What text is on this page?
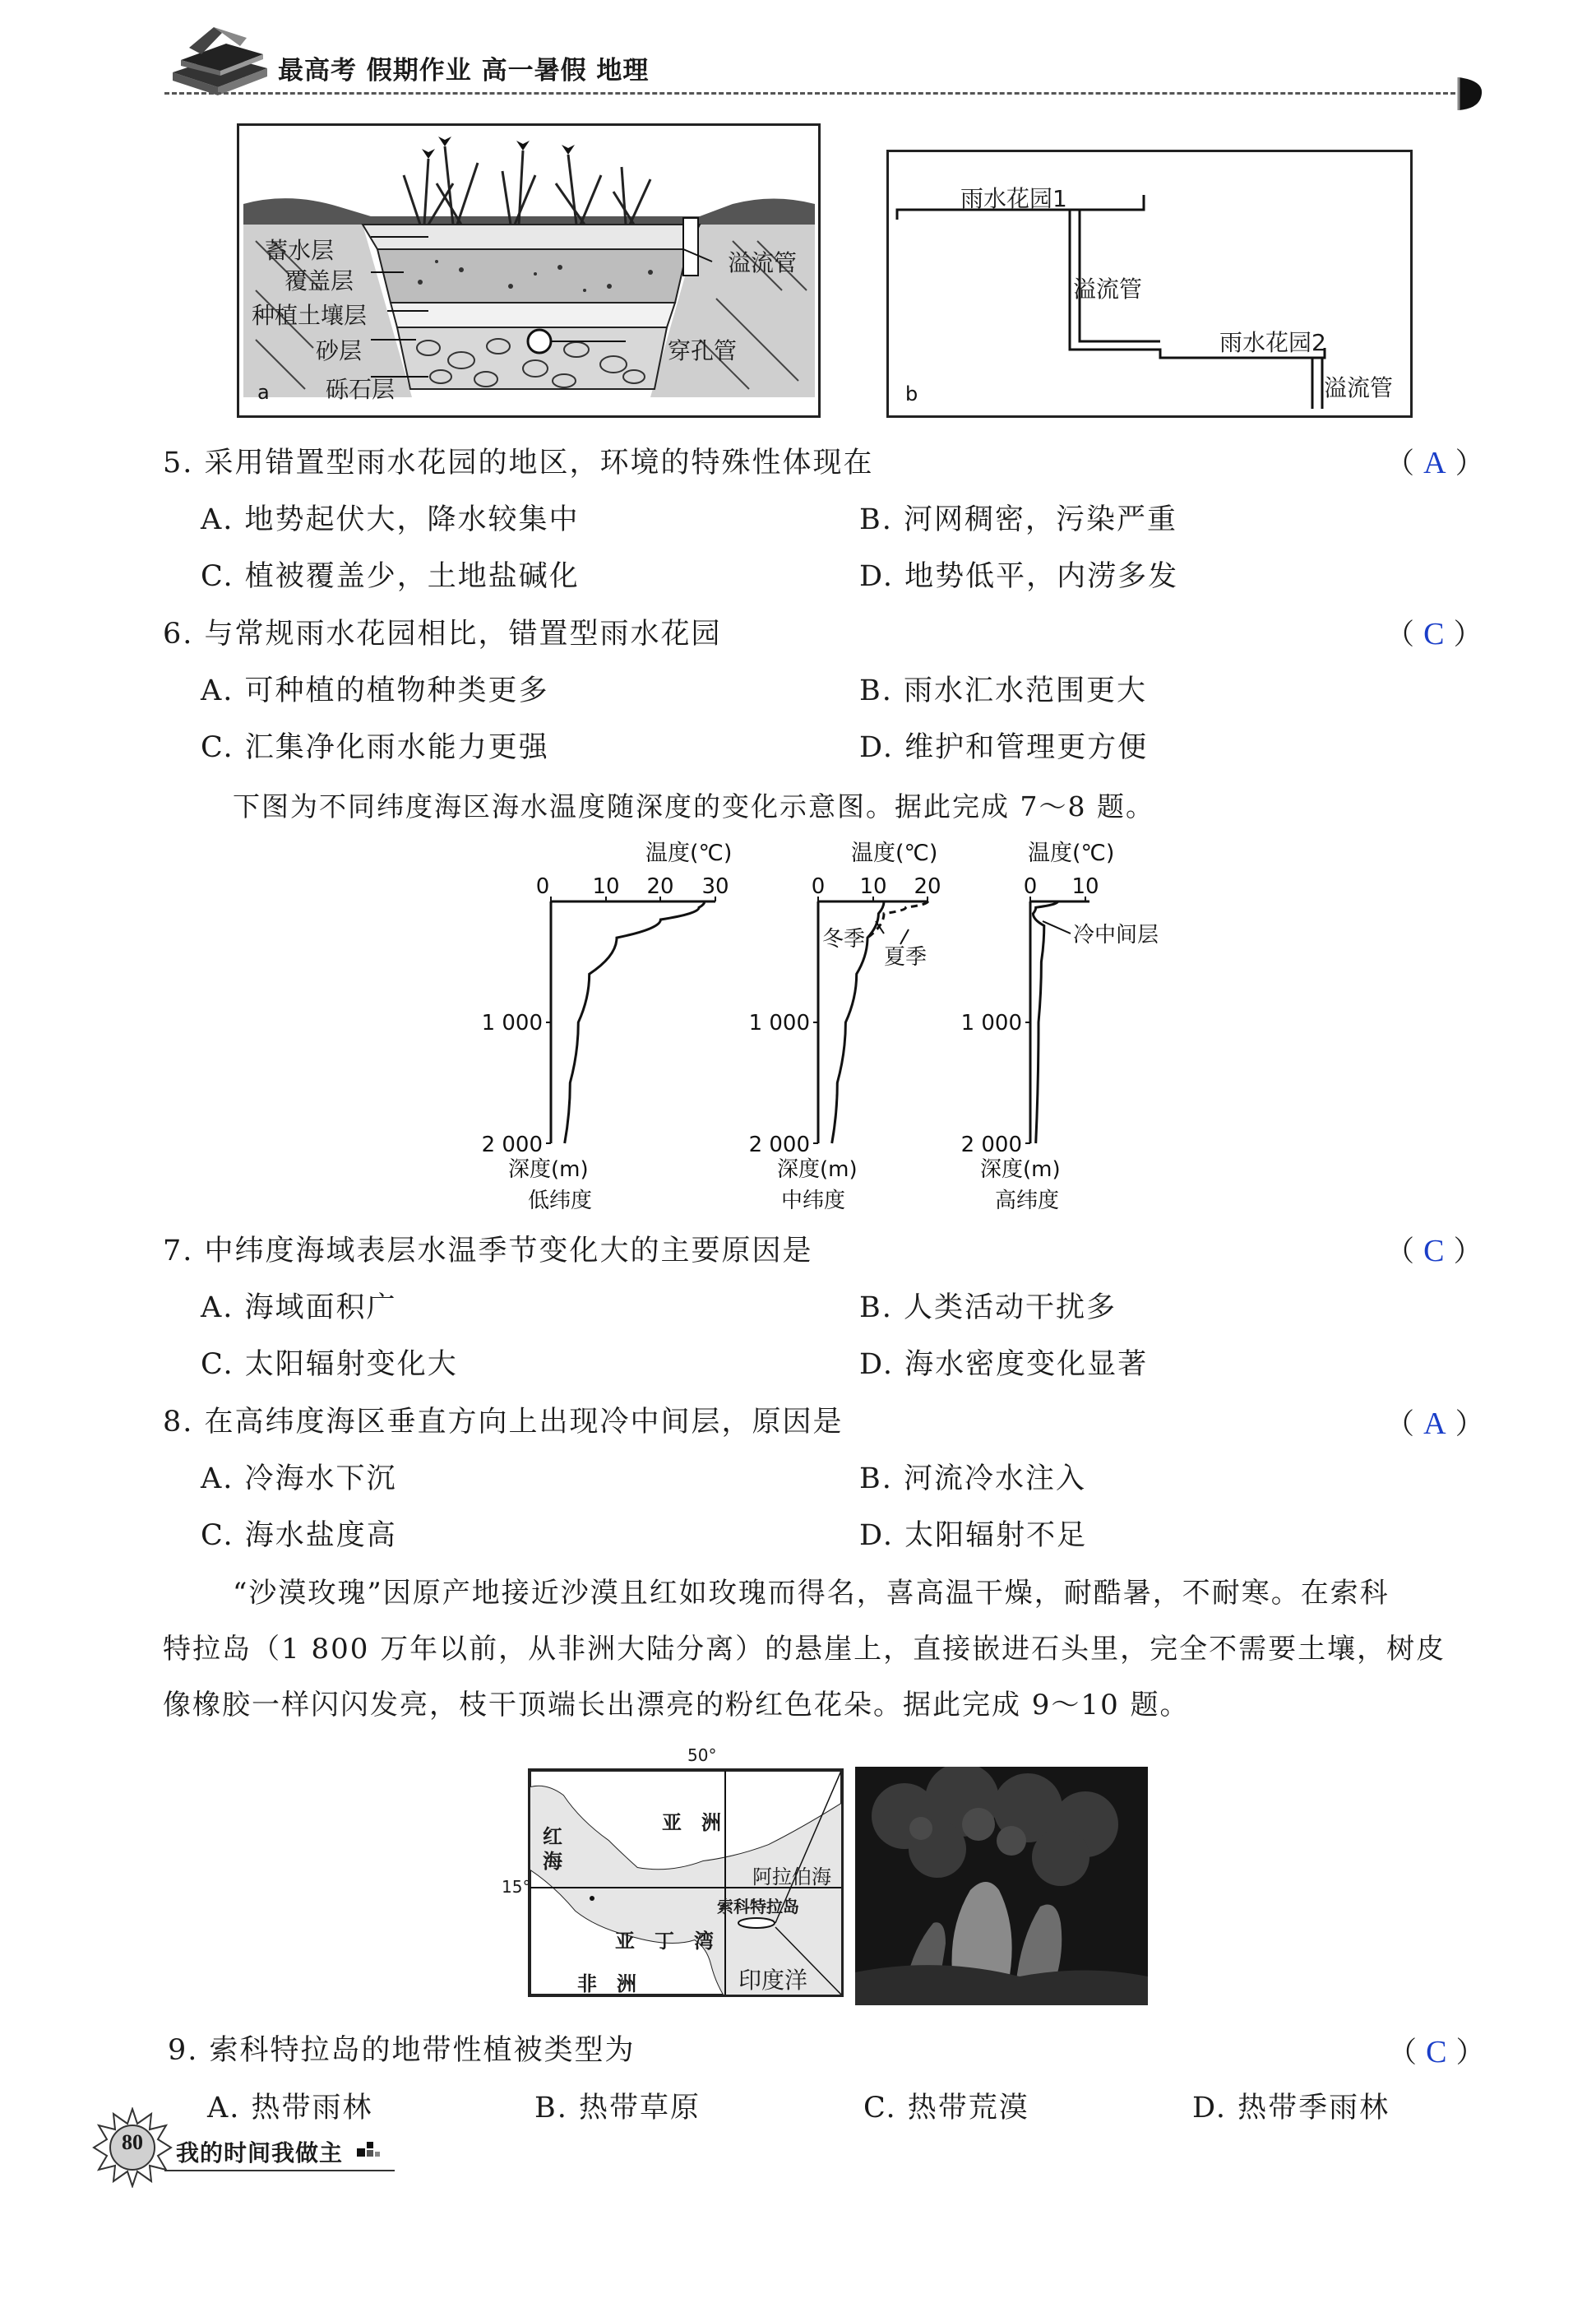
最高考 假期作业 高一暑假 地理
a
蓄水层
覆盖层
种植土壤层
砂层
砾石层
溢流管
穿孔管
b
雨水花园1
溢流管
雨水花园2
溢流管
5. 采用错置型雨水花园的地区，环境的特殊性体现在	（ A ）
A. 地势起伏大，降水较集中	B. 河网稠密，污染严重
C. 植被覆盖少，土地盐碱化	D. 地势低平，内涝多发
6. 与常规雨水花园相比，错置型雨水花园	（ C ）
A. 可种植的植物种类更多	B. 雨水汇水范围更大
C. 汇集净化雨水能力更强	D. 维护和管理更方便
下图为不同纬度海区海水温度随深度的变化示意图。据此完成 7～8 题。
温度(℃)	温度(℃)	温度(℃)
0 10 20 30	0 10 20	0 10
1 000
2 000
1 000
2 000
1 000
2 000
冬季
夏季
冷中间层
深度(m)	深度(m)	深度(m)
低纬度	中纬度	高纬度
7. 中纬度海域表层水温季节变化大的主要原因是	（ C ）
A. 海域面积广	B. 人类活动干扰多
C. 太阳辐射变化大	D. 海水密度变化显著
8. 在高纬度海区垂直方向上出现冷中间层，原因是	（ A ）
A. 冷海水下沉	B. 河流冷水注入
C. 海水盐度高	D. 太阳辐射不足
“沙漠玫瑰”因原产地接近沙漠且红如玫瑰而得名，喜高温干燥，耐酷暑，不耐寒。在索科
特拉岛（1 800 万年以前，从非洲大陆分离）的悬崖上，直接嵌进石头里，完全不需要土壤，树皮
像橡胶一样闪闪发亮，枝干顶端长出漂亮的粉红色花朵。据此完成 9～10 题。
50°
15°
亚　洲
红海
阿拉伯海
亚　丁　湾
索科特拉岛
非　洲	印度洋
9. 索科特拉岛的地带性植被类型为	（ C ）
A. 热带雨林	B. 热带草原	C. 热带荒漠	D. 热带季雨林
80 我的时间我做主
